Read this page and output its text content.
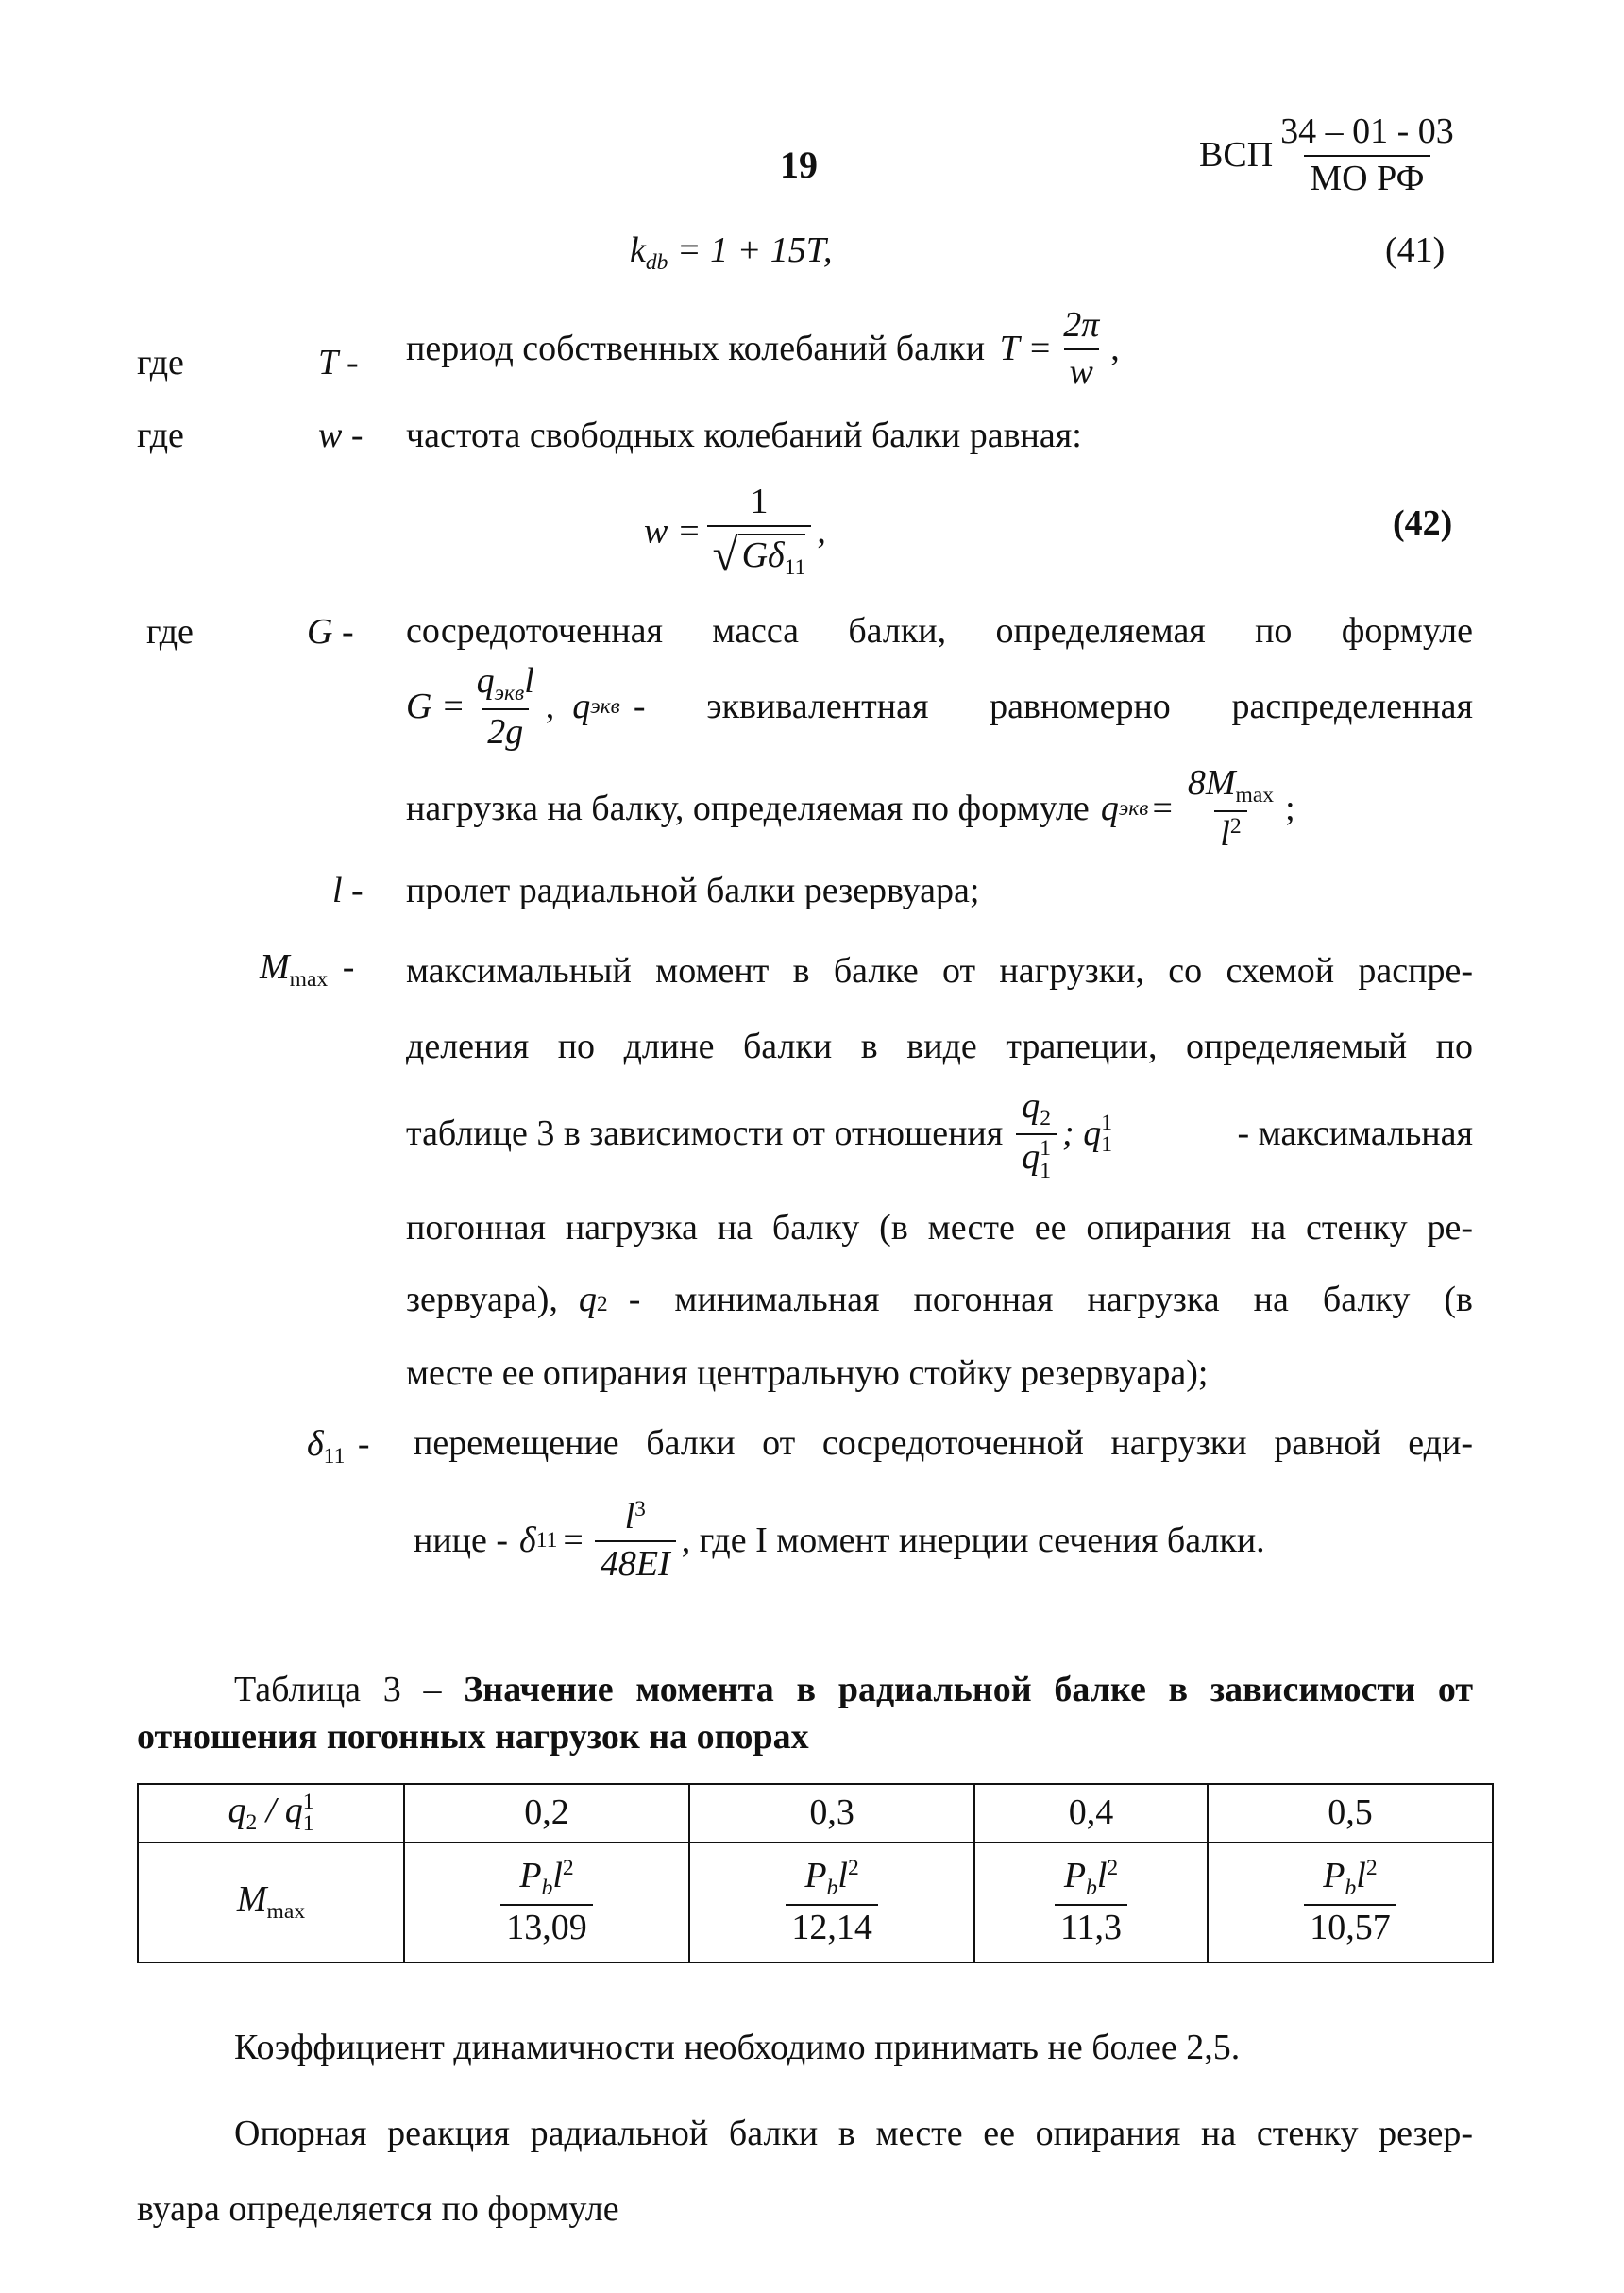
19	ВСП $\frac{34 - 01 - 03}{\text{МО РФ}}$
$k_{db} = 1 + 15T$,	(41)
где	T - период собственных колебаний балки $T = \frac{2\pi}{w}$ ,
где	w - частота свободных колебаний балки равная:
$w = \frac{1}{√ G\delta_{11}}$ ,	(42)
где	G - сосредоточенная масса балки, определяемая по формуле
$G = \frac{q_{экв}l}{2g}$ , q экв - эквивалентная равномерно распределенная
нагрузка на балку, определяемая по формуле q экв = $\frac{8M_{max}}{l^2}$ ;
l - пролет радиальной балки резервуара;
$M_{max}$ - максимальный момент в балке от нагрузки, со схемой распре-
деления по длине балки в виде трапеции, определяемый по
таблице 3 в зависимости от отношения $q_2$
q 1
1 ; q 1
1	- максимальная
погонная нагрузка на балку (в месте ее опирания на стенку ре-
зервуара), q 2 - минимальная погонная нагрузка на балку (в
месте ее опирания центральную стойку резервуара);
$\delta_{11}$ - перемещение балки от сосредоточенной нагрузки равной еди-
нице - δ $11 = \frac{l^3}{48EI}$ , где I момент инерции сечения балки.
Таблица 3 – Значение момента в радиальной балке в зависимости от
отношения погонных нагрузок на опорах
$q_2$ / q 1
1	0,2	0,3	0,4	0,5
$M_{max}$	$\frac{P_bl^2}{13,09}$	$\frac{P_bl^2}{12,14}$	$\frac{P_bl^2}{11,3}$	$\frac{P_bl^2}{10,57}$
Коэффициент динамичности необходимо принимать не более 2,5.
Опорная реакция радиальной балки в месте ее опирания на стенку резер-
вуара определяется по формуле
